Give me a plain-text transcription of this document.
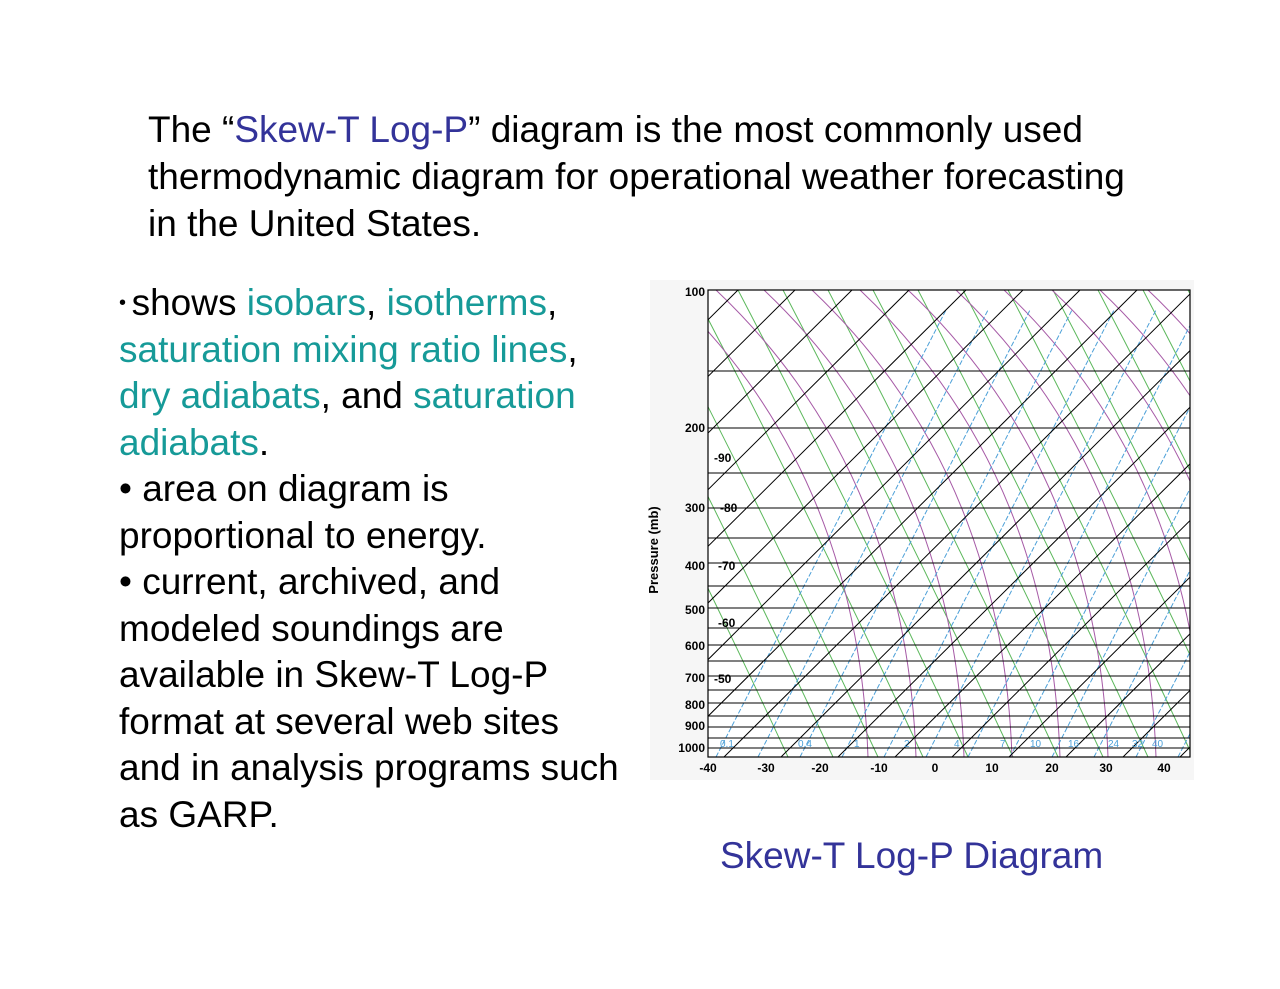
The “Skew-T Log-P” diagram is the most commonly used thermodynamic diagram for operational weather forecasting in the United States.

• shows isobars, isotherms, saturation mixing ratio lines, dry adiabats, and saturation adiabats.

• area on diagram is proportional to energy.

• current, archived, and modeled soundings are available in Skew-T Log-P format at several web sites and in analysis programs such as GARP.

Pressure (mb)
100
200
300
400
500
600
700
800
900
1000
-40	-30	-20	-10	0	10	20	30	40
-90
-80
-70
-60
-50
0.1	0.4	1	2	4	7 10	16	24 32 40
Skew-T Log-P Diagram
